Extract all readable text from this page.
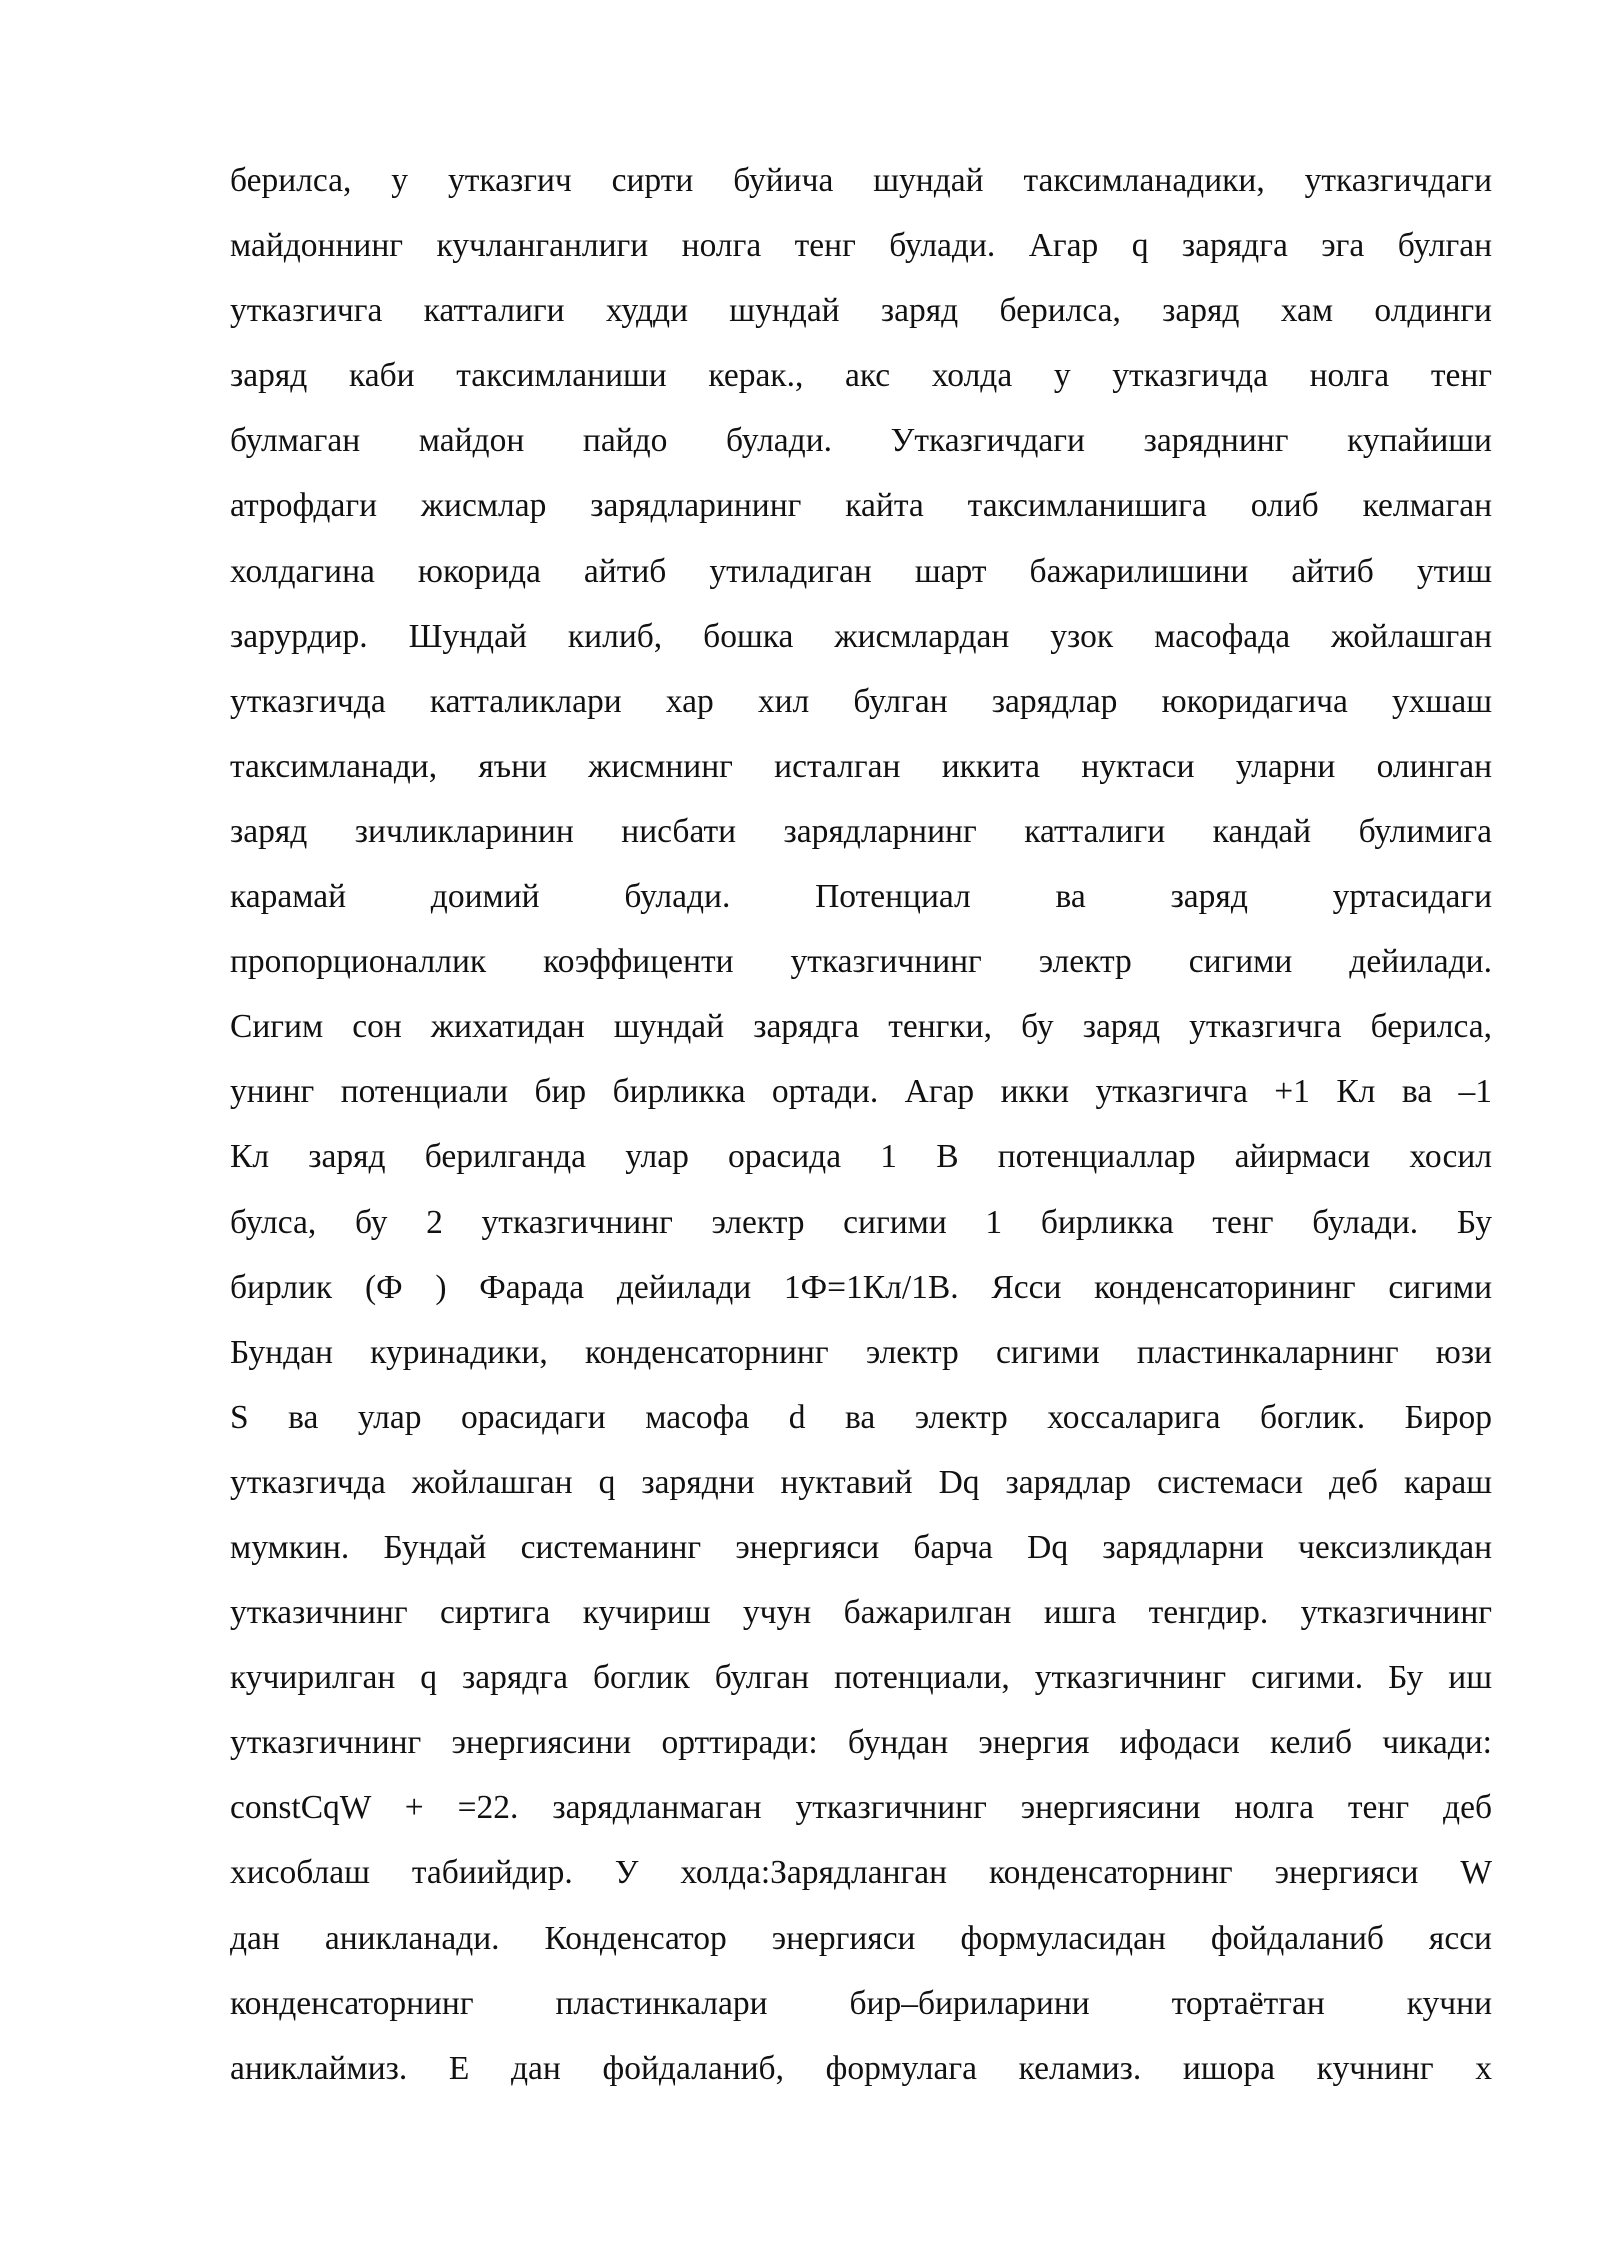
берилса, у утказгич сирти буйича шундай таксимланадики, утказгичдаги
майдоннинг кучланганлиги нолга тенг булади. Агар q зарядга эга булган
утказгичга катталиги худди шундай заряд берилса, заряд хам олдинги
заряд каби таксимланиши керак., акс холда у утказгичда нолга тенг
булмаган майдон пайдо булади. Утказгичдаги заряднинг купайиши
атрофдаги жисмлар зарядларининг кайта таксимланишига олиб келмаган
холдагина юкорида айтиб утиладиган шарт бажарилишини айтиб утиш
зарурдир. Шундай килиб, бошка жисмлардан узок масофада жойлашган
утказгичда катталиклари хар хил булган зарядлар юкоридагича ухшаш
таксимланади, яъни жисмнинг исталган иккита нуктаси уларни олинган
заряд зичликларинин нисбати зарядларнинг катталиги кандай булимига
карамай доимий булади. Потенциал ва заряд уртасидаги
пропорционаллик коэффиценти утказгичнинг электр сигими дейилади.
Сигим сон жихатидан шундай зарядга тенгки, бу заряд утказгичга берилса,
унинг потенциали бир бирликка ортади. Агар икки утказгичга +1 Кл ва –1
Кл заряд берилганда улар орасида 1 В потенциаллар айирмаси хосил
булса, бу 2 утказгичнинг электр сигими 1 бирликка тенг булади. Бу
бирлик (Ф ) Фарада дейилади 1Ф=1Кл/1В. Ясси конденсаторининг сигими
Бундан куринадики, конденсаторнинг электр сигими пластинкаларнинг юзи
S ва улар орасидаги масофа d ва электр хоссаларига боглик. Бирор
утказгичда жойлашган q зарядни нуктавий Dq зарядлар системаси деб караш
мумкин. Бундай системанинг энергияси барча Dq зарядларни чексизликдан
утказичнинг сиртига кучириш учун бажарилган ишга тенгдир. утказгичнинг
кучирилган q зарядга боглик булган потенциали, утказгичнинг сигими. Бу иш
утказгичнинг энергиясини орттиради: бундан энергия ифодаси келиб чикади:
constCqW + =22. зарядланмаган утказгичнинг энергиясини нолга тенг деб
хисоблаш табиийдир. У холда:Зарядланган конденсаторнинг энергияси W
дан аникланади. Конденсатор энергияси формуласидан фойдаланиб ясси
конденсаторнинг пластинкалари бир–бириларини тортаётган кучни
аниклаймиз. Е дан фойдаланиб, формулага келамиз. ишора кучнинг х
